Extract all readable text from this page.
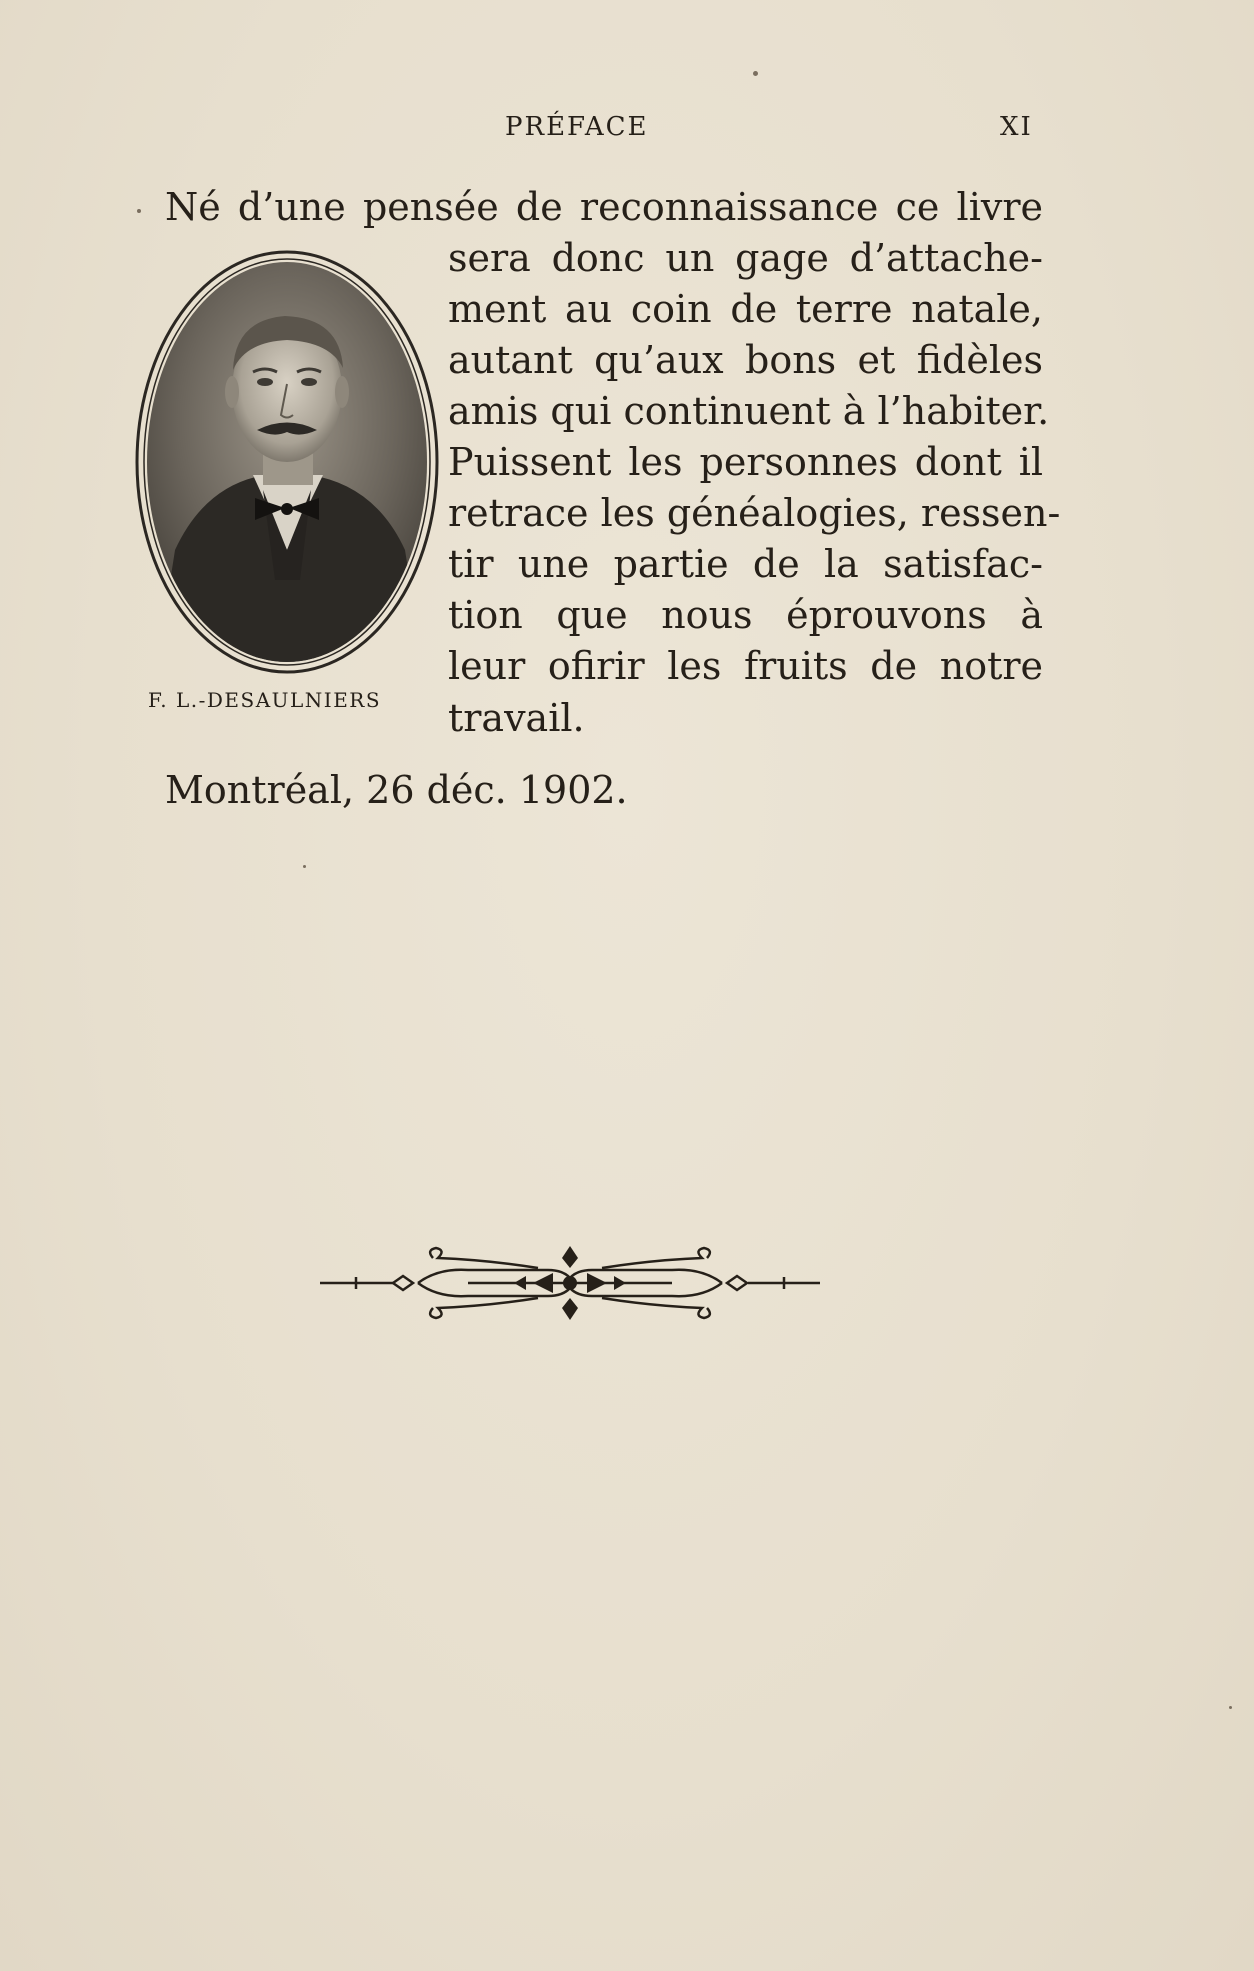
PRÉFACE	XI
Né d’une pensée de reconnaissance ce livre
sera donc un gage d’attache-
ment au coin de terre natale,
autant qu’aux bons et fidèles
amis qui continuent à l’habiter.
Puissent les personnes dont il
retrace les généalogies, ressen-
tir une partie de la satisfac-
tion que nous éprouvons à
leur ofirir les fruits de notre
travail.
Montréal, 26 déc. 1902.
F. L.-DESAULNIERS
